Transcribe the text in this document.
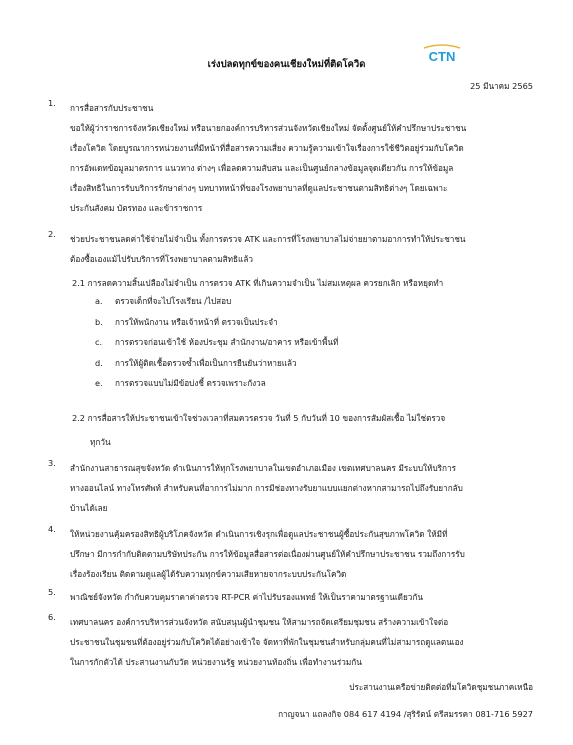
CTN
เร่งปลดทุกข์ของคนเชียงใหม่ที่ติดโควิด
25 มีนาคม 2565
1.	การสื่อสารกับประชาชน
ขอให้ผู้ว่าราชการจังหวัดเชียงใหม่ หรือนายกองค์การบริหารส่วนจังหวัดเชียงใหม่ จัดตั้งศูนย์ให้คำปรึกษาประชาชน
เรื่องโควิด โดยบูรณาการหน่วยงานที่มีหน้าที่สื่อสารความเสี่ยง ความรู้ความเข้าใจเรื่องการใช้ชีวิตอยู่ร่วมกับโควิด
การอัพเดทข้อมูลมาตรการ แนวทาง ต่างๆ เพื่อลดความสับสน และเป็นศูนย์กลางข้อมูลจุดเดียวกัน การให้ข้อมูล
เรื่องสิทธิในการรับบริการรักษาต่างๆ บทบาทหน้าที่ของโรงพยาบาลที่ดูแลประชาชนตามสิทธิต่างๆ โดยเฉพาะ
ประกันสังคม บัตรทอง และข้าราชการ
2.	ช่วยประชาชนลดค่าใช้จ่ายไม่จำเป็น ทั้งการตรวจ ATK และการที่โรงพยาบาลไม่จ่ายยาตามอาการทำให้ประชาชน
ต้องซื้อเองแม้ไปรับบริการที่โรงพยาบาลตามสิทธิแล้ว
2.1 การลดความสิ้นเปลืองไม่จำเป็น การตรวจ ATK ที่เกินความจำเป็น ไม่สมเหตุผล ควรยกเลิก หรือหยุดทำ
a. ตรวจเด็กที่จะไปโรงเรียน /ไปสอบ
b. การให้พนักงาน หรือเจ้าหน้าที่ ตรวจเป็นประจำ
c. การตรวจก่อนเข้าใช้ ห้องประชุม สำนักงาน/อาคาร หรือเข้าพื้นที่
d. การให้ผู้ติดเชื้อตรวจซ้ำเพื่อเป็นการยืนยันว่าหายแล้ว
e. การตรวจแบบไม่มีข้อบ่งชี้ ตรวจเพราะกังวล
2.2 การสื่อสารให้ประชาชนเข้าใจช่วงเวลาที่สมควรตรวจ วันที่ 5 กับวันที่ 10 ของการสัมผัสเชื้อ ไม่ใช่ตรวจ
ทุกวัน
3.	สำนักงานสาธารณสุขจังหวัด ดำเนินการให้ทุกโรงพยาบาลในเขตอำเภอเมือง เขตเทศบาลนคร มีระบบให้บริการ
ทางออนไลน์ ทางโทรศัพท์ สำหรับคนที่อาการไม่มาก การมีช่องทางรับยาแบบแยกต่างหากสามารถไปถึงรับยากลับ
บ้านได้เลย
4.	ให้หน่วยงานคุ้มครองสิทธิผู้บริโภคจังหวัด ดำเนินการเชิงรุกเพื่อดูแลประชาชนผู้ซื้อประกันสุขภาพโควิด ให้มีที่
ปรึกษา มีการกำกับติดตามบริษัทประกัน การให้ข้อมูลสื่อสารต่อเนื่องผ่านศูนย์ให้คำปรึกษาประชาชน รวมถึงการรับ
เรื่องร้องเรียน ติดตามดูแลผู้ได้รับความทุกข์ความเสียหายจากระบบประกันโควิด
5.	พาณิชย์จังหวัด กำกับควบคุมราคาค่าตรวจ RT-PCR ค่าไปรับรองแพทย์ ให้เป็นราคามาตรฐานเดียวกัน
6.	เทศบาลนคร องค์การบริหารส่วนจังหวัด สนับสนุนผู้นำชุมชน ให้สามารถจัดเตรียมชุมชน สร้างความเข้าใจต่อ
ประชาชนในชุมชนที่ต้องอยู่ร่วมกับโควิดได้อย่างเข้าใจ จัดหาที่พักในชุมชนสำหรับกลุ่มคนที่ไม่สามารถดูแลตนเอง
ในการกักตัวได้ ประสานงานกับวัด หน่วยงานรัฐ หน่วยงานท้องถิ่น เพื่อทำงานร่วมกัน
ประสานงานเครือข่ายติดต่อที่มโควิดชุมชนภาคเหนือ
กาญจนา แถลงกิจ 084 617 4194 /สุริรัตน์ ตรีสมรรคา 081-716 5927
